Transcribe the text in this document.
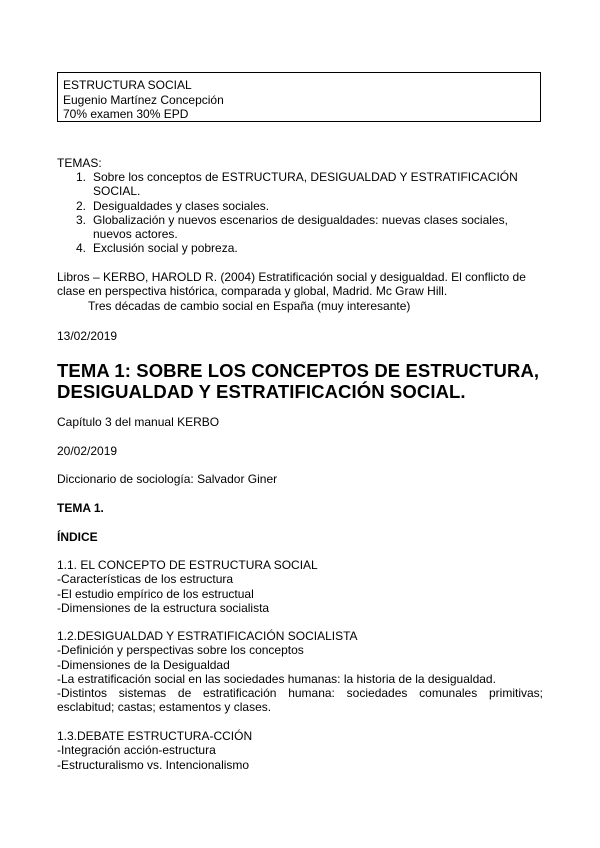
ESTRUCTURA SOCIAL
Eugenio Martínez Concepción
70% examen 30% EPD
TEMAS:
1. Sobre los conceptos de ESTRUCTURA, DESIGUALDAD Y ESTRATIFICACIÓN SOCIAL.
2. Desigualdades y clases sociales.
3. Globalización y nuevos escenarios de desigualdades: nuevas clases sociales, nuevos actores.
4. Exclusión social y pobreza.
Libros – KERBO, HAROLD R. (2004) Estratificación social y desigualdad. El conflicto de clase en perspectiva histórica, comparada y global, Madrid. Mc Graw Hill.
Tres décadas de cambio social en España (muy interesante)
13/02/2019
TEMA 1: SOBRE LOS CONCEPTOS DE ESTRUCTURA, DESIGUALDAD Y ESTRATIFICACIÓN SOCIAL.
Capítulo 3 del manual KERBO
20/02/2019
Diccionario de sociología: Salvador Giner
TEMA 1.
ÍNDICE
1.1. EL CONCEPTO DE ESTRUCTURA SOCIAL
-Características de los estructura
-El estudio empírico de los estructual
-Dimensiones de la estructura socialista
1.2.DESIGUALDAD Y ESTRATIFICACIÓN SOCIALISTA
-Definición y perspectivas sobre los conceptos
-Dimensiones de la Desigualdad
-La estratificación social en las sociedades humanas: la historia de la desigualdad.
-Distintos sistemas de estratificación humana: sociedades comunales primitivas; esclabitud; castas; estamentos y clases.
1.3.DEBATE ESTRUCTURA-CCIÓN
-Integración acción-estructura
-Estructuralismo vs. Intencionalismo
